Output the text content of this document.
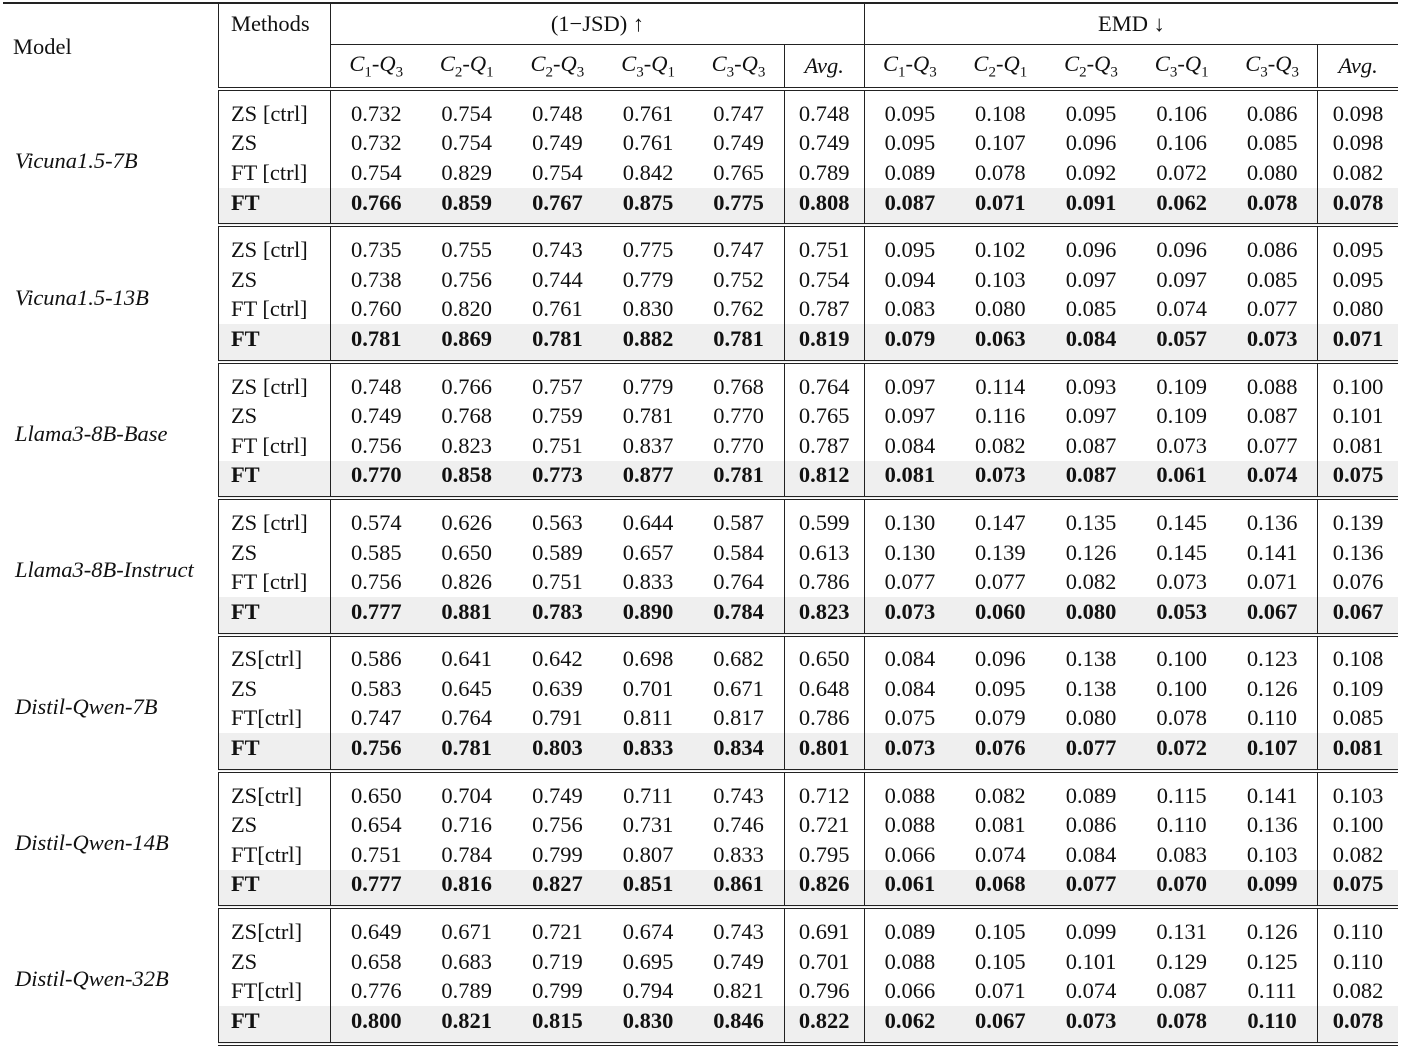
Model	Methods	(1−JSD) ↑						EMD ↓					
		$C_1-Q_3$	$C_2-Q_1$	$C_2-Q_3$	$C_3-Q_1$	$C_3-Q_3$	Avg.	$C_1-Q_3$	$C_2-Q_1$	$C_2-Q_3$	$C_3-Q_1$	$C_3-Q_3$	Avg.
Vicuna1.5-7B	ZS [ctrl]	0.732	0.754	0.748	0.761	0.747	0.748	0.095	0.108	0.095	0.106	0.086	0.098
	ZS	0.732	0.754	0.749	0.761	0.749	0.749	0.095	0.107	0.096	0.106	0.085	0.098
	FT [ctrl]	0.754	0.829	0.754	0.842	0.765	0.789	0.089	0.078	0.092	0.072	0.080	0.082
	FT	0.766	0.859	0.767	0.875	0.775	0.808	0.087	0.071	0.091	0.062	0.078	0.078
Vicuna1.5-13B	ZS [ctrl]	0.735	0.755	0.743	0.775	0.747	0.751	0.095	0.102	0.096	0.096	0.086	0.095
	ZS	0.738	0.756	0.744	0.779	0.752	0.754	0.094	0.103	0.097	0.097	0.085	0.095
	FT [ctrl]	0.760	0.820	0.761	0.830	0.762	0.787	0.083	0.080	0.085	0.074	0.077	0.080
	FT	0.781	0.869	0.781	0.882	0.781	0.819	0.079	0.063	0.084	0.057	0.073	0.071
Llama3-8B-Base	ZS [ctrl]	0.748	0.766	0.757	0.779	0.768	0.764	0.097	0.114	0.093	0.109	0.088	0.100
	ZS	0.749	0.768	0.759	0.781	0.770	0.765	0.097	0.116	0.097	0.109	0.087	0.101
	FT [ctrl]	0.756	0.823	0.751	0.837	0.770	0.787	0.084	0.082	0.087	0.073	0.077	0.081
	FT	0.770	0.858	0.773	0.877	0.781	0.812	0.081	0.073	0.087	0.061	0.074	0.075
Llama3-8B-Instruct	ZS [ctrl]	0.574	0.626	0.563	0.644	0.587	0.599	0.130	0.147	0.135	0.145	0.136	0.139
	ZS	0.585	0.650	0.589	0.657	0.584	0.613	0.130	0.139	0.126	0.145	0.141	0.136
	FT [ctrl]	0.756	0.826	0.751	0.833	0.764	0.786	0.077	0.077	0.082	0.073	0.071	0.076
	FT	0.777	0.881	0.783	0.890	0.784	0.823	0.073	0.060	0.080	0.053	0.067	0.067
Distil-Qwen-7B	ZS[ctrl]	0.586	0.641	0.642	0.698	0.682	0.650	0.084	0.096	0.138	0.100	0.123	0.108
	ZS	0.583	0.645	0.639	0.701	0.671	0.648	0.084	0.095	0.138	0.100	0.126	0.109
	FT[ctrl]	0.747	0.764	0.791	0.811	0.817	0.786	0.075	0.079	0.080	0.078	0.110	0.085
	FT	0.756	0.781	0.803	0.833	0.834	0.801	0.073	0.076	0.077	0.072	0.107	0.081
Distil-Qwen-14B	ZS[ctrl]	0.650	0.704	0.749	0.711	0.743	0.712	0.088	0.082	0.089	0.115	0.141	0.103
	ZS	0.654	0.716	0.756	0.731	0.746	0.721	0.088	0.081	0.086	0.110	0.136	0.100
	FT[ctrl]	0.751	0.784	0.799	0.807	0.833	0.795	0.066	0.074	0.084	0.083	0.103	0.082
	FT	0.777	0.816	0.827	0.851	0.861	0.826	0.061	0.068	0.077	0.070	0.099	0.075
Distil-Qwen-32B	ZS[ctrl]	0.649	0.671	0.721	0.674	0.743	0.691	0.089	0.105	0.099	0.131	0.126	0.110
	ZS	0.658	0.683	0.719	0.695	0.749	0.701	0.088	0.105	0.101	0.129	0.125	0.110
	FT[ctrl]	0.776	0.789	0.799	0.794	0.821	0.796	0.066	0.071	0.074	0.087	0.111	0.082
	FT	0.800	0.821	0.815	0.830	0.846	0.822	0.062	0.067	0.073	0.078	0.110	0.078
